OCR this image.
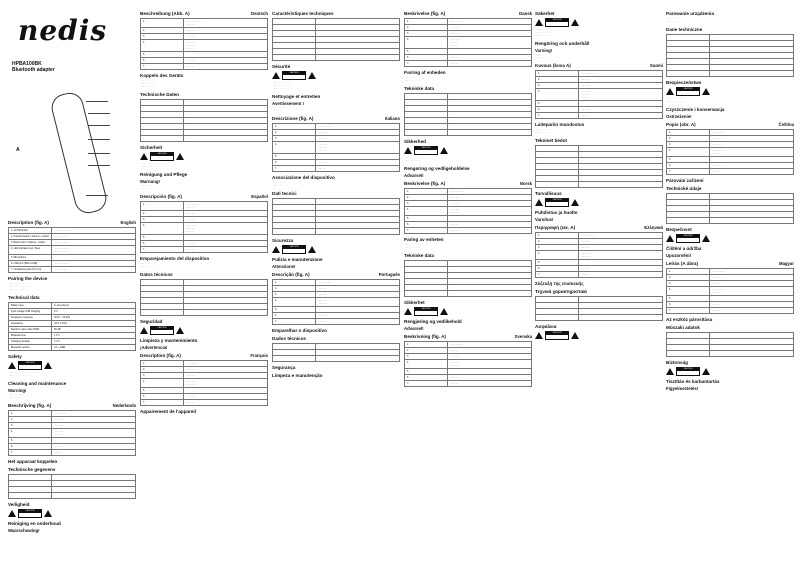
nedis
HPBA100BK
Bluetooth adapter
A
Description (fig. A)	English
1. On/Off button	·······················
2. Forward button / Volume + button	···················
3. Back button / Volume - button	···················
4. LED indicator (red / blue)	·····················
·················
5. Microphone	
6. USB port (Micro-USB)	··················
7. Headphone jack (3.5 mm)	················
Pairing the device
– · · · · · · · · · · · · ·
– · · · · · · · · · · · · · · · ·
– · · · · · · · · · ·
Technical data
Battery type	Li-ion polymer
Input voltage USB charging	5 V
Frequency response	20 Hz - 20 kHz
Impedance	32 Ω ± 15%
Signal to noise ratio (SNR)	80 dB
Playback time	± 5 h
Charging duration	± 2 h
Bluetooth version	4.1 + EDR
Safety
CAUTION
– · · · · · · · · · · · · · · · · · · · ·
– · · · · · · · · · · · · · · ·
Cleaning and maintenance
Warning!
– · · · · · · · · · ·
– · · · · · · · ·
Beschrijving (fig. A)	Nederlands
1.	···············
2.	···········
3.	···········
4.	·············
···········
5.	
6.	···········
7.	··········
Het apparaat koppelen
Technische gegevens
·	·
·	·
·	·
·	·
Veiligheid
CAUTION
Reiniging en onderhoud
Waarschuwing!
Beschreibung (Abb. A)	Deutsch
1.	··················
············
2.	···········
3.	···········
4.	·············
···········
·········
5.	
6.	···········
7.	··········
Koppeln des Geräts
– · · · · · · ·
– · · · · · · · · · ·
– · · · · · · · ·
Technische Daten
·	·
·	·
·	·
·	·
·	·
·	·
·	·
Sicherheit
CAUTION
– · · · · · · · · · · · · · ·
– · · · · · · · · · · ·
Reinigung und Pflege
Warnung!
– · · · · · · ·
– · · · · · ·
Descripción (fig. A)	Español
1.	················
·········
2.	···········
3.	···········
4.	·············
···········
·········
5.	
6.	···········
7.	··········
Emparejamiento del dispositivo
– · · · · · · ·
– · · · · · · · · ·
Datos técnicos
·	·
·	·
·	·
·	·
·	·
·	·
Seguridad
CAUTION
Limpieza y mantenimiento
¡Advertencia!
Description (fig. A)	Français
1.	···············
2.	···········
3.	···········
4.	·············
···········
5.	
6.	···········
7.	··········
Appairement de l'appareil
Caractéristiques techniques
·	·
·	·
·	·
·	·
·	·
·	·
·	·
Sécurité
CAUTION
– · · · · · · · · · · · ·
– · · · · · · · · · ·
– · · · · · · · · · · · ·
Nettoyage et entretien
Avertissement !
– · · · · · · ·
– · · · · · ·
Descrizione (fig. A)	Italiano
1.	················
2.	···········
3.	···········
4.	·············
···········
········
5.	
6.	···········
7.	··········
Associazione del dispositivo
– · · · · · · ·
– · · · · · · · · ·
Dati tecnici
·	·
·	·
·	·
·	·
·	·
·	·
Sicurezza
CAUTION
Pulizia e manutenzione
Attenzione!
Descrição (fig. A)	Português
1.	················
2.	···········
3.	···········
4.	·············
···········
5.	
6.	···········
7.	··········
Emparelhar o dispositivo
Dados técnicos
·	·
·	·
·	·
Segurança
Limpeza e manutenção
Beskrivelse (fig. A)	Dansk
1.	················
2.	···········
3.	···········
4.	·············
···········
········
5.	
6.	···········
7.	··········
Parring af enheden
– · · · · · · ·
– · · · · · · · · ·
Tekniske data
·	·
·	·
·	·
·	·
·	·
·	·
·	·
Sikkerhed
CAUTION
– · · · · · · · · · · · ·
– · · · · · · · · · ·
Rengøring og vedligeholdelse
Advarsel!
Beskrivelse (fig. A)	Norsk
1.	················
2.	···········
3.	···········
4.	·············
···········
5.	
6.	···········
7.	··········
Paring av enheten
– · · · · · · ·
– · · · · · · · · ·
Tekniske data
·	·
·	·
·	·
·	·
·	·
·	·
Sikkerhet
CAUTION
Rengjøring og vedlikehold
Advarsel!
Beskrivning (fig. A)	Svenska
1.	················
2.	···········
3.	···········
4.	·············
···········
5.	
6.	···········
7.	··········
Säkerhet
CAUTION
– · · · · · · · · · · · ·
– · · · · · · · · · ·
– · · · · · · · · · · ·
Rengöring och underhåll
Varning!
– · · · · · · ·
– · · · · · ·
Kuvaus (kuva A)	Suomi
1.	················
2.	···········
3.	···········
4.	·············
···········
········
5.	
6.	···········
7.	··········
Laitepariin muodostus
– · · · · · · ·
– · · · · · · · · ·
Tekniset tiedot
·	·
·	·
·	·
·	·
·	·
·	·
·	·
Turvallisuus
CAUTION
Puhdistus ja huolto
Varoitus!
Περιγραφή (εικ. A)	Ελληνικά
1.	················
2.	···········
3.	···········
4.	·············
···········
5.	
6.	···········
7.	··········
Σύζευξη της συσκευής
Τεχνικά χαρακτηριστικά
·	·
·	·
·	·
·	·
Ασφάλεια
CAUTION
Parowanie urządzenia
– · · · · · · ·
– · · · · · · · · ·
Dane techniczne
·	·
·	·
·	·
·	·
·	·
·	·
·	·
Bezpieczeństwo
CAUTION
– · · · · · · · · · · · ·
– · · · · · · · · · ·
Czyszczenie i konserwacja
Ostrzeżenie!
Popis (obr. A)	Čeština
1.	················
2.	···········
3.	···········
4.	·············
···········
5.	
6.	···········
7.	··········
Párování zařízení
Technické údaje
·	·
·	·
·	·
·	·
·	·
Bezpečnost
CAUTION
Čištění a údržba
Upozornění!
Leírás (A ábra)	Magyar
1.	················
2.	···········
3.	···········
4.	·············
···········
5.	
6.	···········
7.	··········
Az eszköz párosítása
Műszaki adatok
·	·
·	·
·	·
·	·
Biztonság
CAUTION
Tisztítás és karbantartás
Figyelmeztetés!
